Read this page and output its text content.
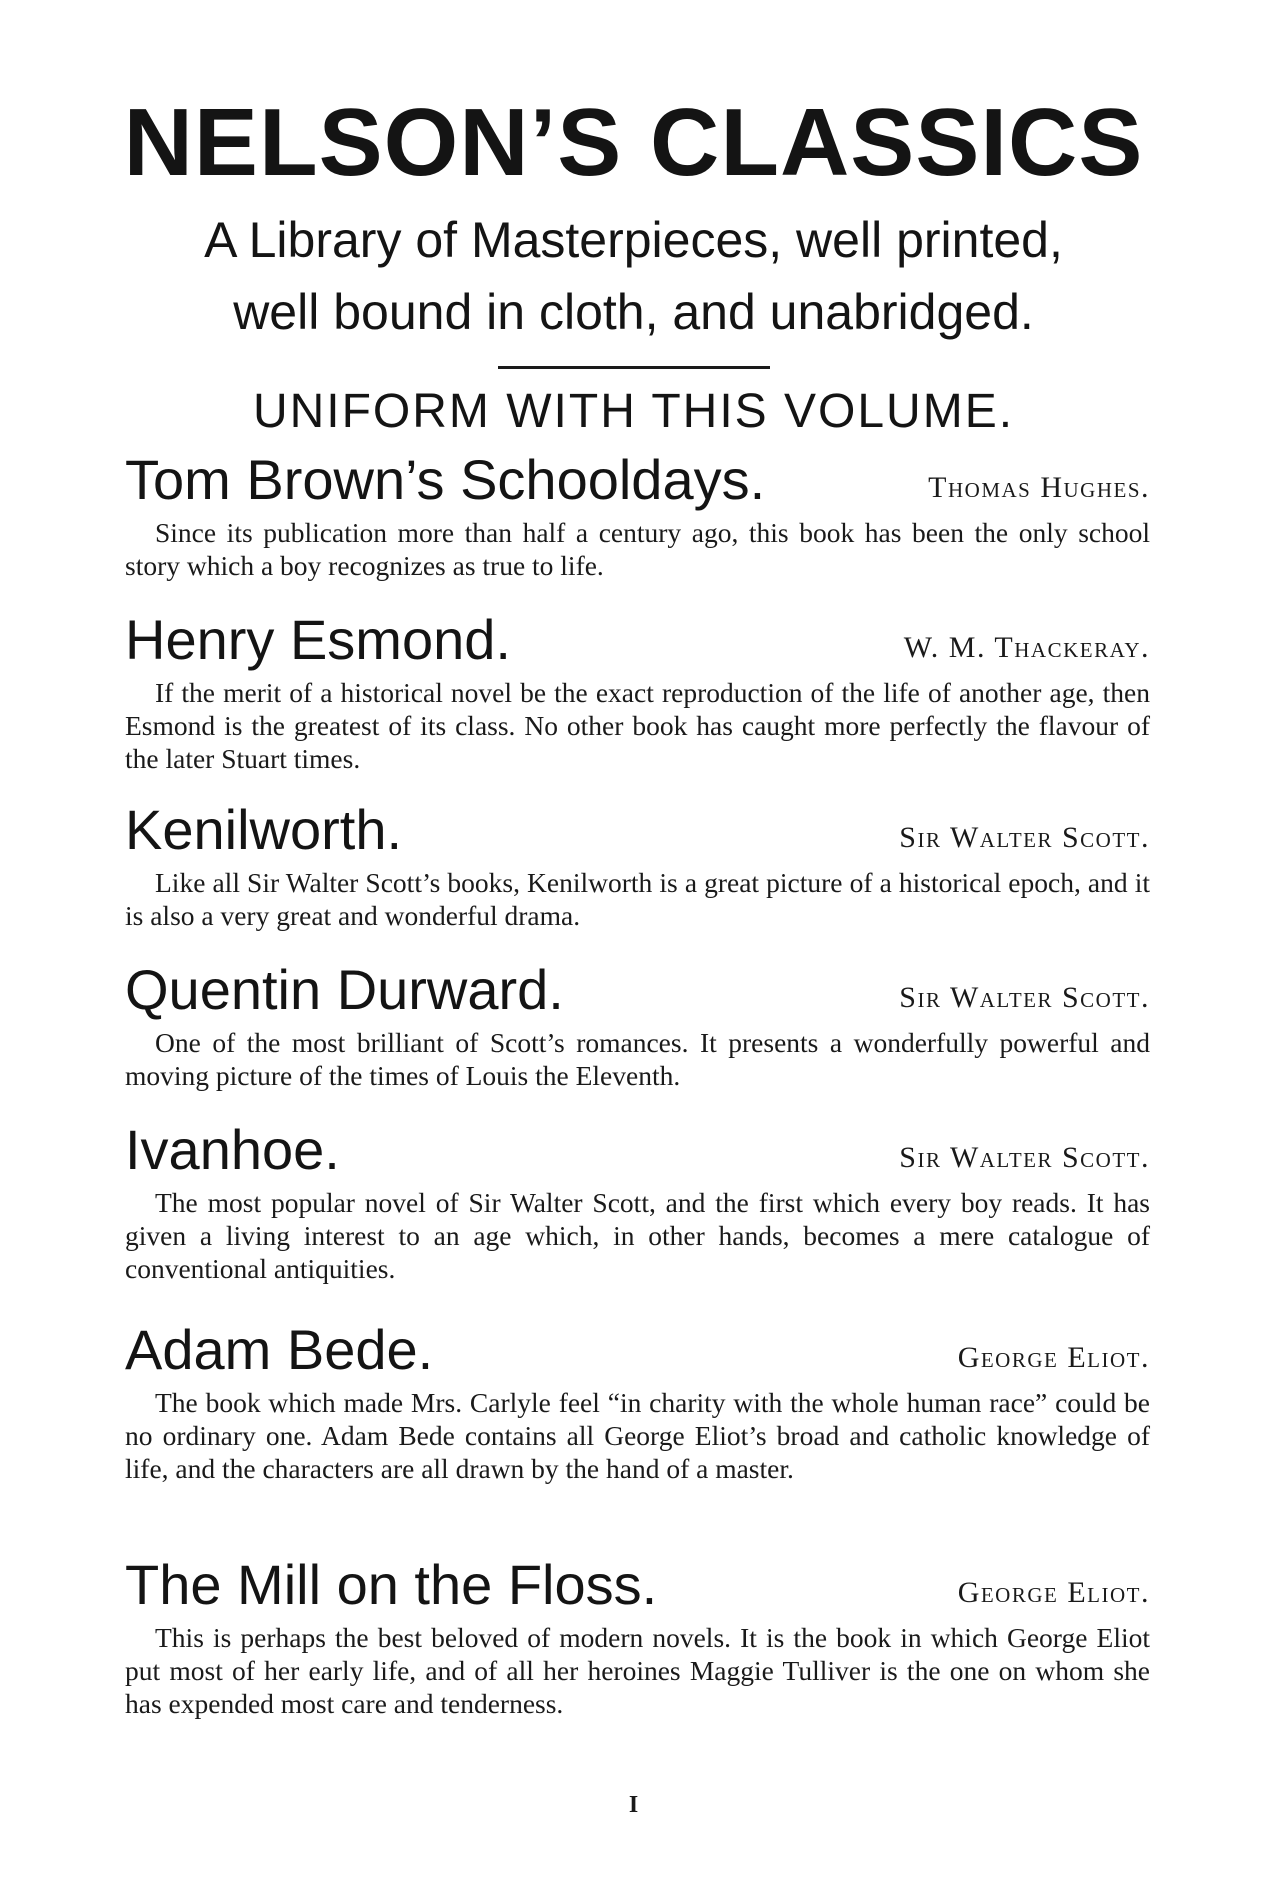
NELSON’S CLASSICS

A Library of Masterpieces, well printed,

well bound in cloth, and unabridged.

UNIFORM WITH THIS VOLUME.

Tom Brown’s Schooldays.	Thomas Hughes.

Since its publication more than half a century ago, this book has been the only school story which a boy recognizes as true to life.

Henry Esmond.	W. M. Thackeray.

If the merit of a historical novel be the exact reproduction of the life of another age, then Esmond is the greatest of its class. No other book has caught more perfectly the flavour of the later Stuart times.

Kenilworth.	Sir Walter Scott.

Like all Sir Walter Scott’s books, Kenilworth is a great picture of a historical epoch, and it is also a very great and wonderful drama.

Quentin Durward.	Sir Walter Scott.

One of the most brilliant of Scott’s romances. It presents a wonderfully powerful and moving picture of the times of Louis the Eleventh.

Ivanhoe.	Sir Walter Scott.

The most popular novel of Sir Walter Scott, and the first which every boy reads. It has given a living interest to an age which, in other hands, becomes a mere catalogue of conventional antiquities.

Adam Bede.	George Eliot.

The book which made Mrs. Carlyle feel “in charity with the whole human race” could be no ordinary one. Adam Bede contains all George Eliot’s broad and catholic knowledge of life, and the characters are all drawn by the hand of a master.

The Mill on the Floss.	George Eliot.

This is perhaps the best beloved of modern novels. It is the book in which George Eliot put most of her early life, and of all her heroines Maggie Tulliver is the one on whom she has expended most care and tenderness.

I
